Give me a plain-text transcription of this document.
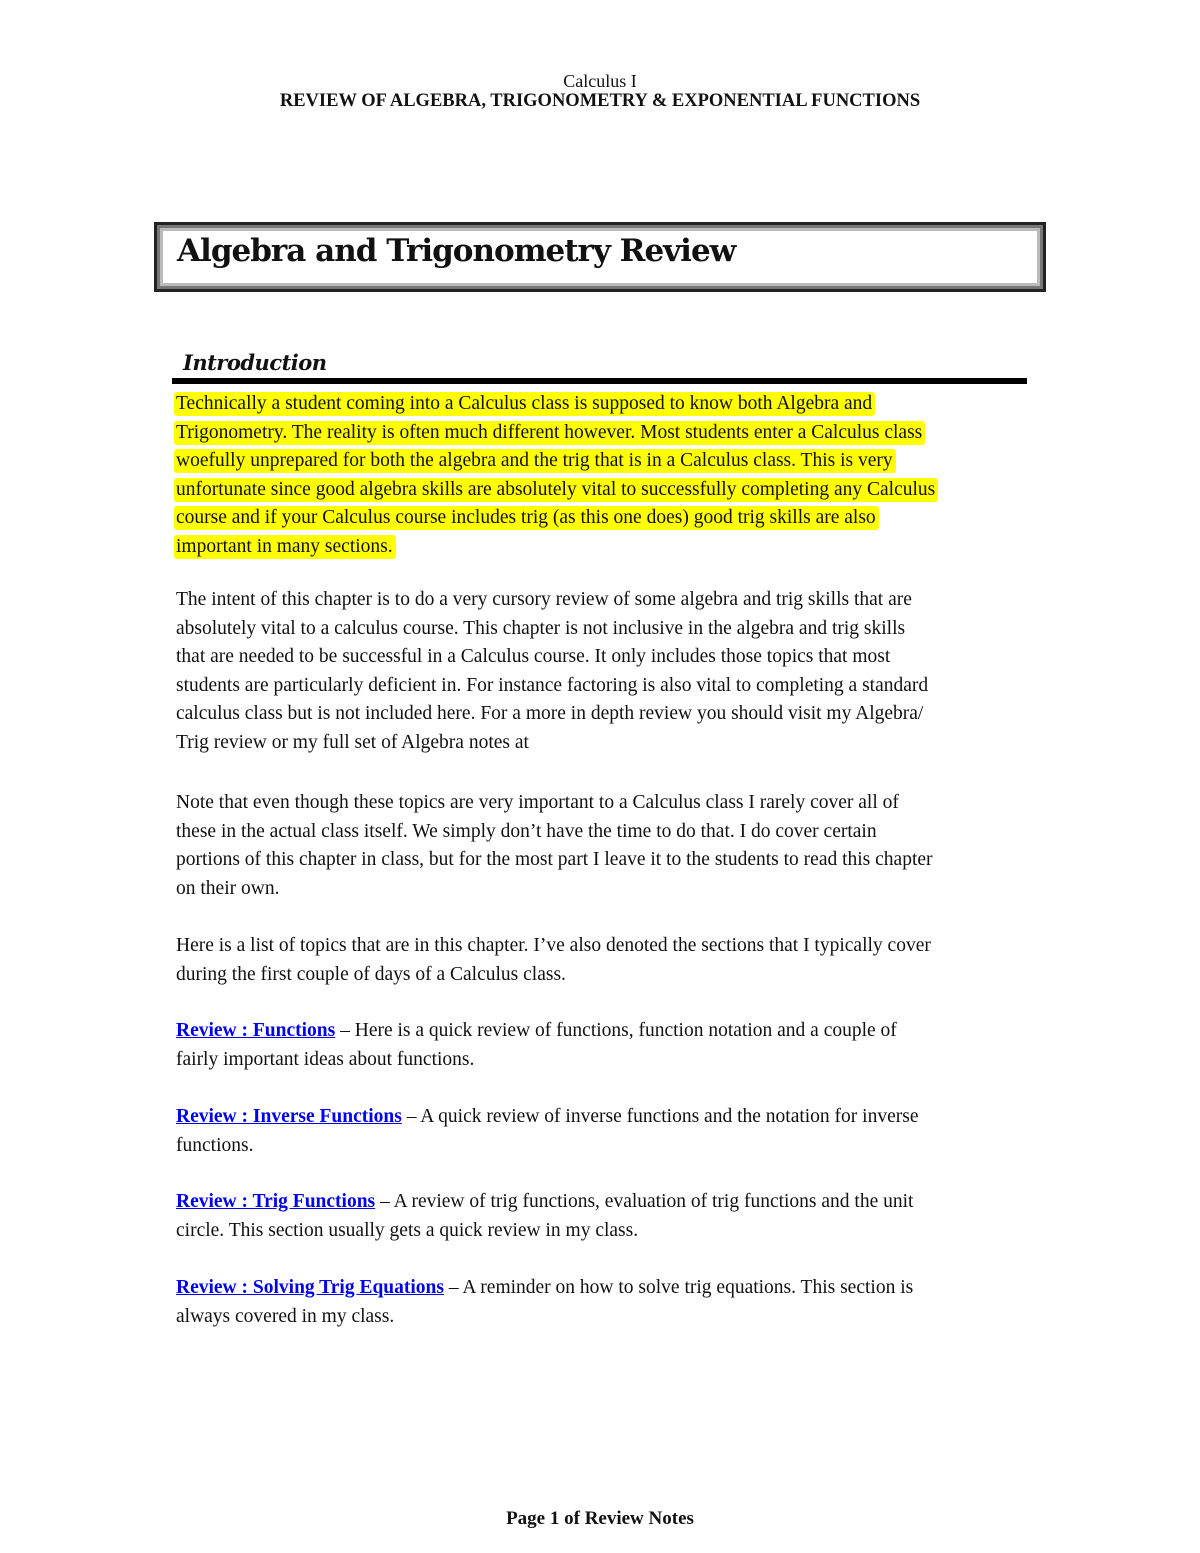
Calculus I
REVIEW OF ALGEBRA, TRIGONOMETRY & EXPONENTIAL FUNCTIONS
Algebra and Trigonometry Review
Introduction
Technically a student coming into a Calculus class is supposed to know both Algebra and
Trigonometry. The reality is often much different however. Most students enter a Calculus class
woefully unprepared for both the algebra and the trig that is in a Calculus class. This is very
unfortunate since good algebra skills are absolutely vital to successfully completing any Calculus
course and if your Calculus course includes trig (as this one does) good trig skills are also
important in many sections.
The intent of this chapter is to do a very cursory review of some algebra and trig skills that are
absolutely vital to a calculus course. This chapter is not inclusive in the algebra and trig skills
that are needed to be successful in a Calculus course. It only includes those topics that most
students are particularly deficient in. For instance factoring is also vital to completing a standard
calculus class but is not included here. For a more in depth review you should visit my Algebra/
Trig review or my full set of Algebra notes at
Note that even though these topics are very important to a Calculus class I rarely cover all of
these in the actual class itself. We simply don’t have the time to do that. I do cover certain
portions of this chapter in class, but for the most part I leave it to the students to read this chapter
on their own.
Here is a list of topics that are in this chapter. I’ve also denoted the sections that I typically cover
during the first couple of days of a Calculus class.
Review : Functions – Here is a quick review of functions, function notation and a couple of
fairly important ideas about functions.
Review : Inverse Functions – A quick review of inverse functions and the notation for inverse
functions.
Review : Trig Functions – A review of trig functions, evaluation of trig functions and the unit
circle. This section usually gets a quick review in my class.
Review : Solving Trig Equations – A reminder on how to solve trig equations. This section is
always covered in my class.
Page 1 of Review Notes
